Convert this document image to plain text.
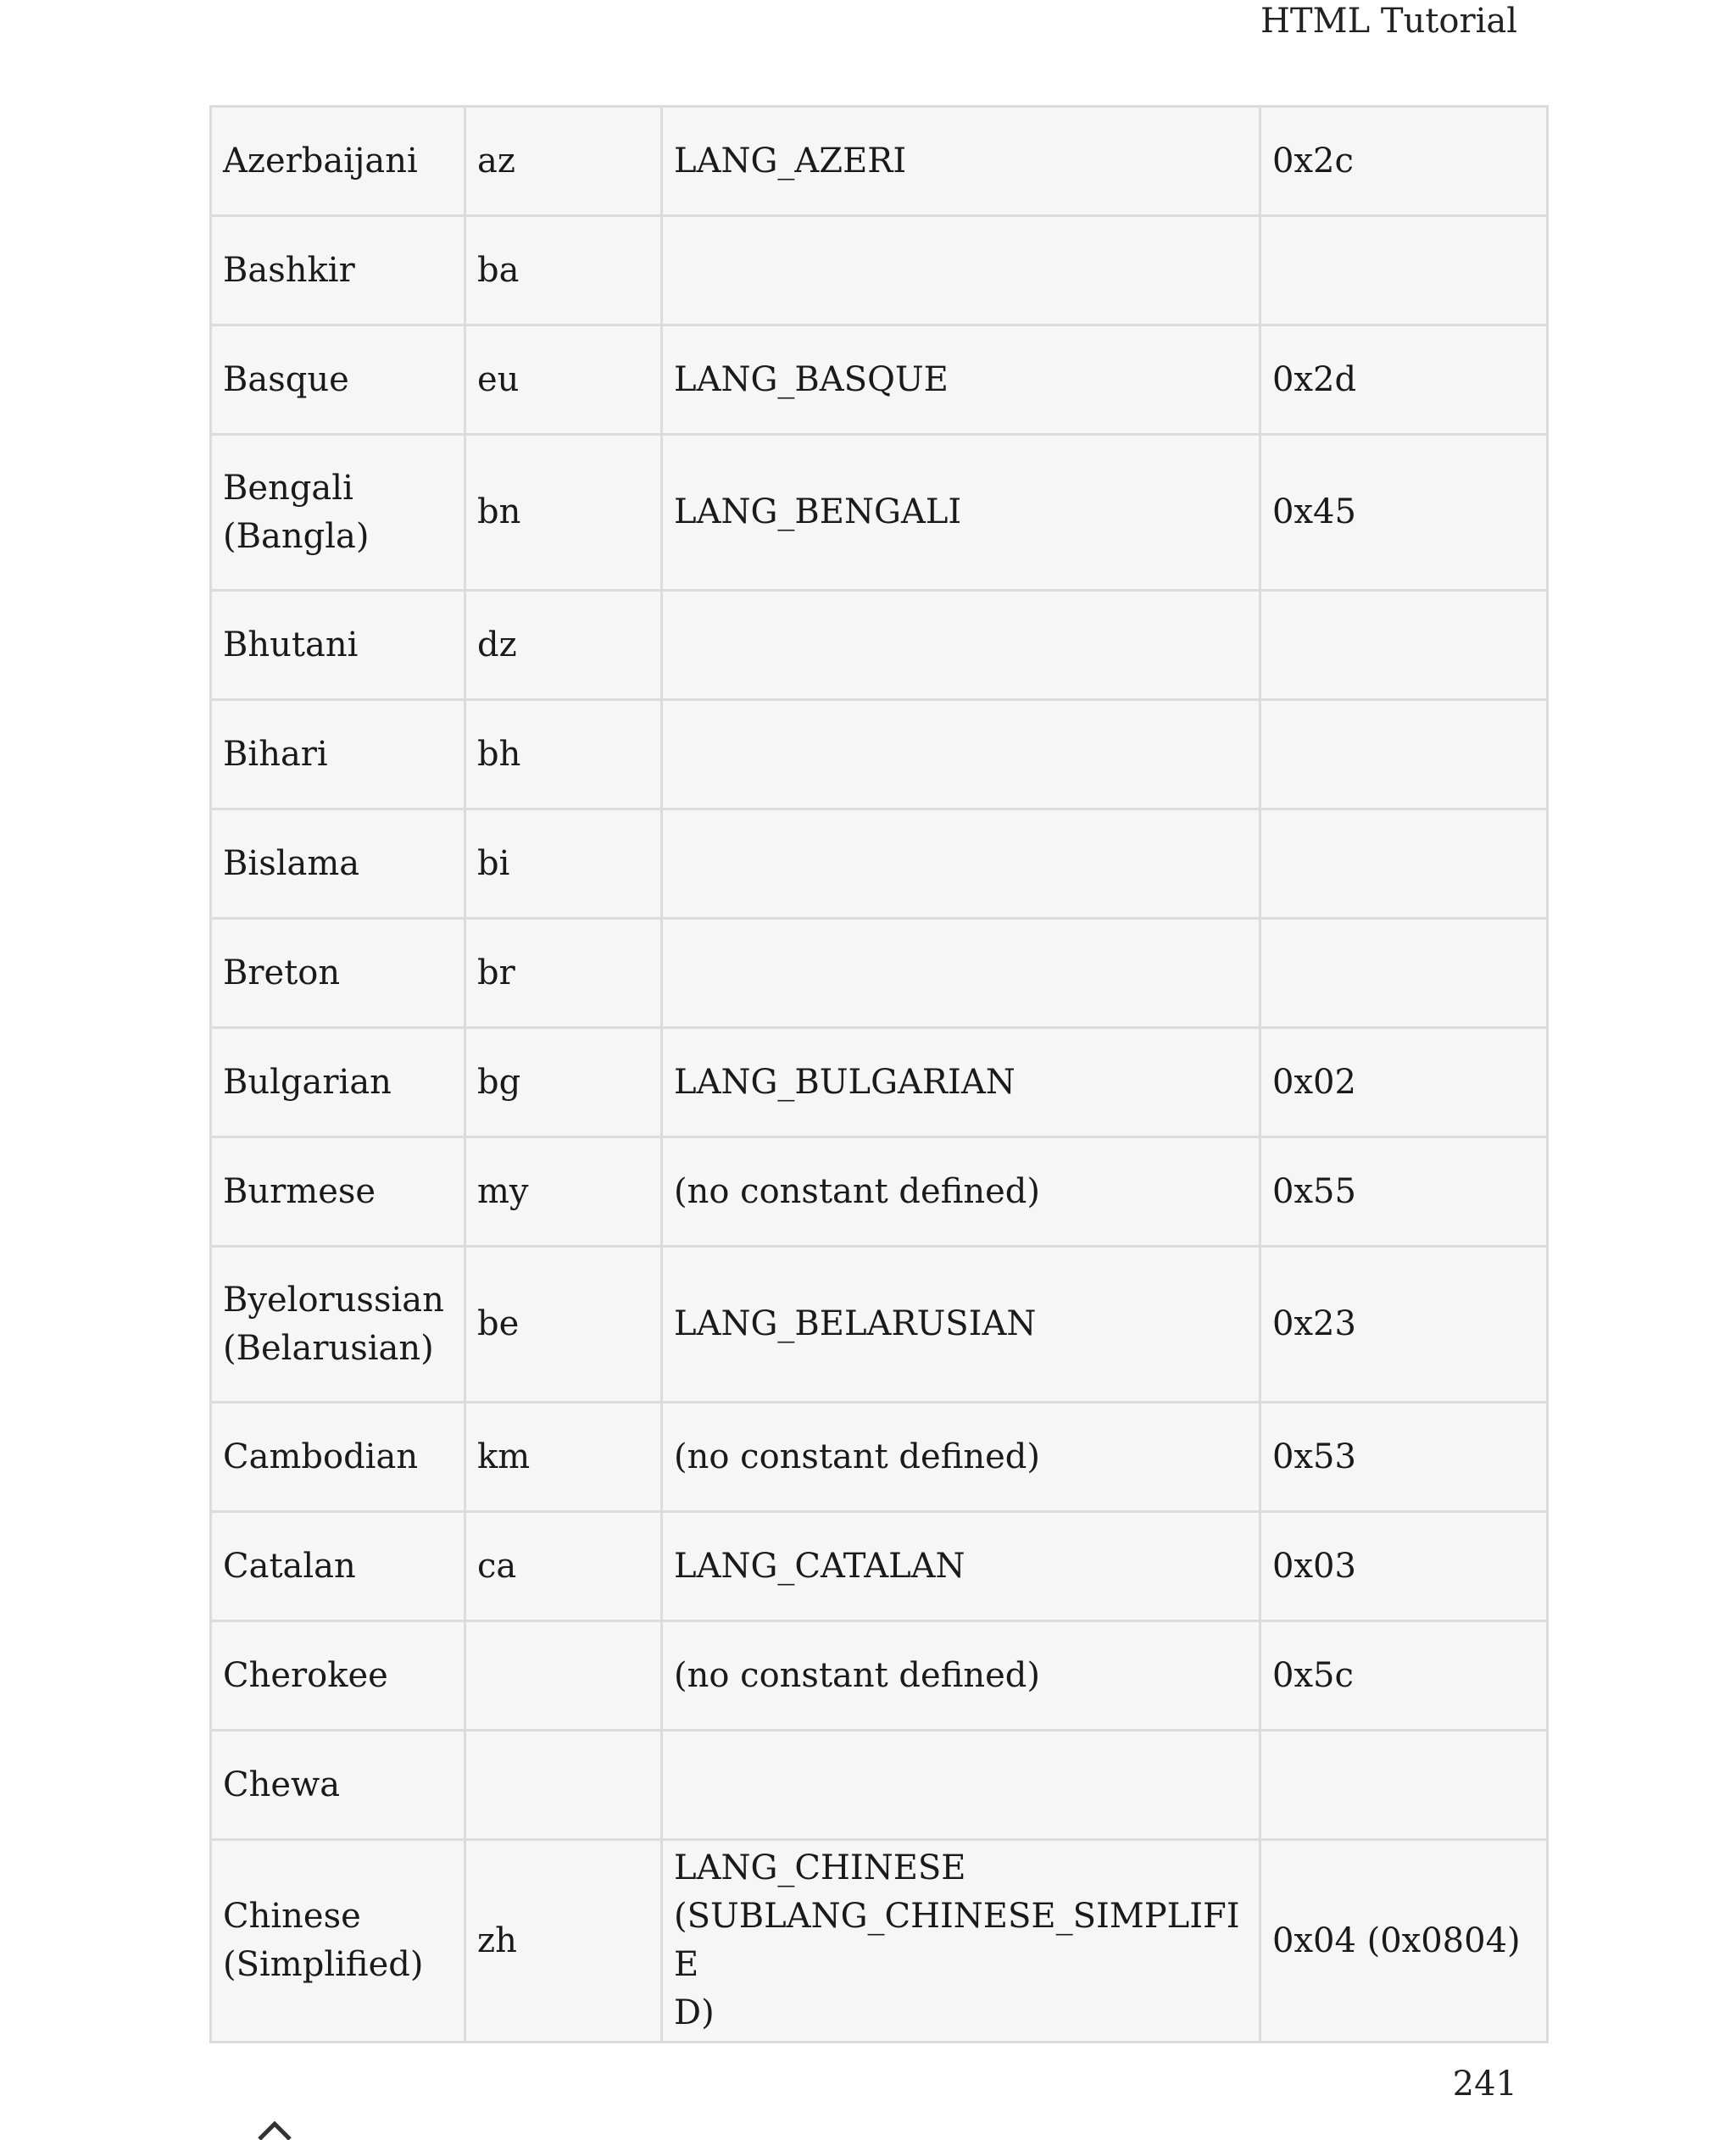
HTML Tutorial
Azerbaijani	az	LANG_AZERI	0x2c
Bashkir	ba		
Basque	eu	LANG_BASQUE	0x2d
Bengali
(Bangla)	bn	LANG_BENGALI	0x45
Bhutani	dz		
Bihari	bh		
Bislama	bi		
Breton	br		
Bulgarian	bg	LANG_BULGARIAN	0x02
Burmese	my	(no constant defined)	0x55
Byelorussian
(Belarusian)	be	LANG_BELARUSIAN	0x23
Cambodian	km	(no constant defined)	0x53
Catalan	ca	LANG_CATALAN	0x03
Cherokee		(no constant defined)	0x5c
Chewa			
Chinese
(Simplified)	zh	LANG_CHINESE
(SUBLANG_CHINESE_SIMPLIFIE
D)	0x04 (0x0804)
241
